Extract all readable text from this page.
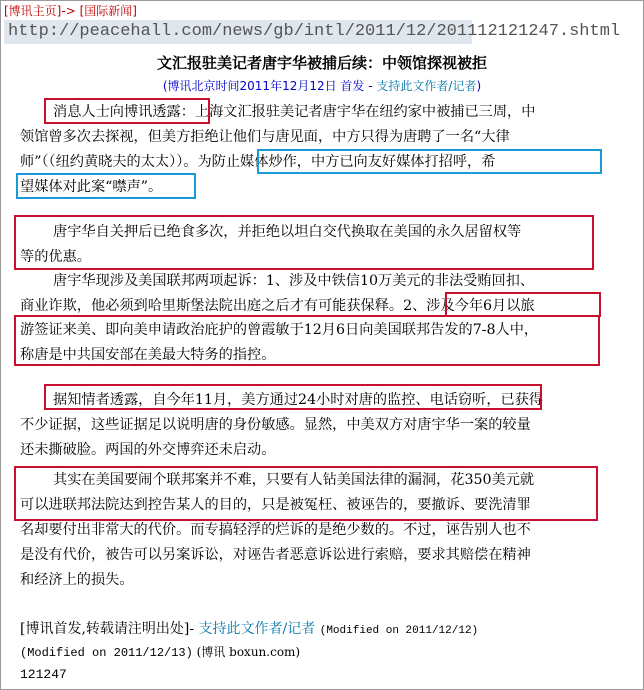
[博讯主页]-> [国际新闻]
http://peacehall.com/news/gb/intl/2011/12/201112121247.shtml
文汇报驻美记者唐宇华被捕后续：中领馆探视被拒
(博讯北京时间2011年12月12日 首发 - 支持此文作者/记者)
消息人士向博讯透露：上海文汇报驻美记者唐宇华在纽约家中被捕已三周，中
领馆曾多次去探视，但美方拒绝让他们与唐见面，中方只得为唐聘了一名“大律
师”（（纽约黄晓夫的太太））。为防止媒体炒作，中方已向友好媒体打招呼，希
望媒体对此案“噤声”。
唐宇华自关押后已绝食多次，并拒绝以坦白交代换取在美国的永久居留权等
等的优惠。
唐宇华现涉及美国联邦两项起诉：1、涉及中铁信10万美元的非法受贿回扣、
商业诈欺，他必须到哈里斯堡法院出庭之后才有可能获保释。2、涉及今年6月以旅
游签证来美、即向美申请政治庇护的曾霞敏于12月6日向美国联邦告发的7-8人中，
称唐是中共国安部在美最大特务的指控。
据知情者透露，自今年11月，美方通过24小时对唐的监控、电话窃听，已获得
不少证据，这些证据足以说明唐的身份敏感。显然，中美双方对唐宇华一案的较量
还未撕破脸。两国的外交博弈还未启动。
其实在美国要闹个联邦案并不难，只要有人钻美国法律的漏洞，花350美元就
可以进联邦法院达到控告某人的目的，只是被冤枉、被诬告的，要撤诉、要洗清罪
名却要付出非常大的代价。而专搞轻浮的烂诉的是绝少数的。不过，诬告别人也不
是没有代价，被告可以另案诉讼，对诬告者恶意诉讼进行索赔，要求其赔偿在精神
和经济上的损失。
[博讯首发,转载请注明出处]- 支持此文作者/记者 (Modified on 2011/12/12)
(Modified on 2011/12/13) (博讯 boxun.com)
121247
